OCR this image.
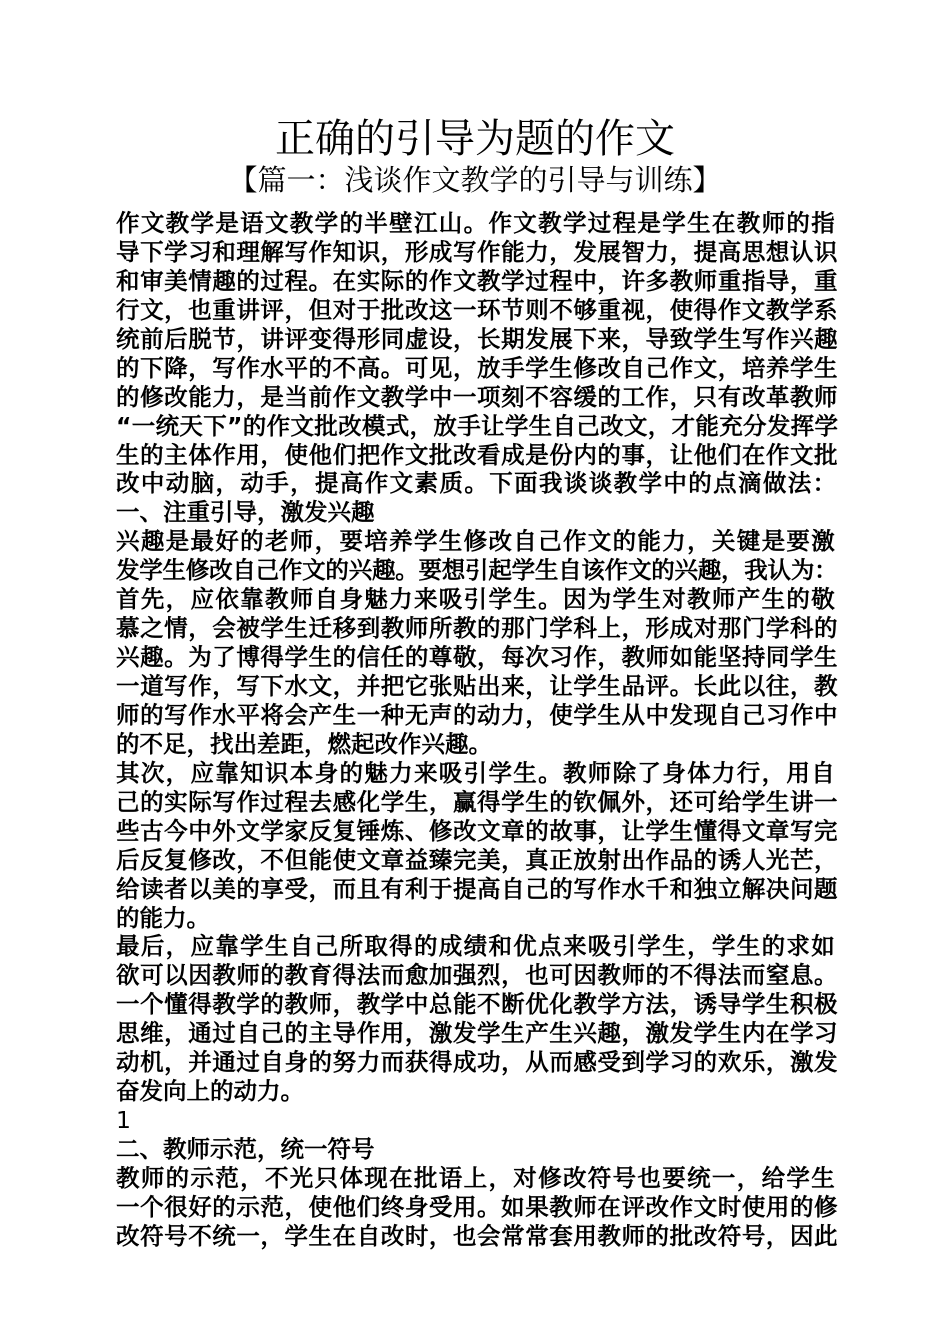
正确的引导为题的作文
【篇一：浅谈作文教学的引导与训练】
作文教学是语文教学的半壁江山。作文教学过程是学生在教师的指
导下学习和理解写作知识，形成写作能力，发展智力，提高思想认识
和审美情趣的过程。在实际的作文教学过程中，许多教师重指导，重
行文，也重讲评，但对于批改这一环节则不够重视，使得作文教学系
统前后脱节，讲评变得形同虚设，长期发展下来，导致学生写作兴趣
的下降，写作水平的不高。可见，放手学生修改自己作文，培养学生
的修改能力，是当前作文教学中一项刻不容缓的工作，只有改革教师
“一统天下”的作文批改模式，放手让学生自己改文，才能充分发挥学
生的主体作用，使他们把作文批改看成是份内的事，让他们在作文批
改中动脑，动手，提高作文素质。下面我谈谈教学中的点滴做法：
一、注重引导，激发兴趣
兴趣是最好的老师，要培养学生修改自己作文的能力，关键是要激
发学生修改自己作文的兴趣。要想引起学生自该作文的兴趣，我认为：
首先，应依靠教师自身魅力来吸引学生。因为学生对教师产生的敬
慕之情，会被学生迁移到教师所教的那门学科上，形成对那门学科的
兴趣。为了博得学生的信任的尊敬，每次习作，教师如能坚持同学生
一道写作，写下水文，并把它张贴出来，让学生品评。长此以往，教
师的写作水平将会产生一种无声的动力，使学生从中发现自己习作中
的不足，找出差距，燃起改作兴趣。
其次，应靠知识本身的魅力来吸引学生。教师除了身体力行，用自
己的实际写作过程去感化学生，赢得学生的钦佩外，还可给学生讲一
些古今中外文学家反复锤炼、修改文章的故事，让学生懂得文章写完
后反复修改，不但能使文章益臻完美，真正放射出作品的诱人光芒，
给读者以美的享受，而且有利于提高自己的写作水千和独立解决问题
的能力。
最后，应靠学生自己所取得的成绩和优点来吸引学生，学生的求如
欲可以因教师的教育得法而愈加强烈，也可因教师的不得法而窒息。
一个懂得教学的教师，教学中总能不断优化教学方法，诱导学生积极
思维，通过自己的主导作用，激发学生产生兴趣，激发学生内在学习
动机，并通过自身的努力而获得成功，从而感受到学习的欢乐，激发
奋发向上的动力。
1
二、教师示范，统一符号
教师的示范，不光只体现在批语上，对修改符号也要统一，给学生
一个很好的示范，使他们终身受用。如果教师在评改作文时使用的修
改符号不统一，学生在自改时，也会常常套用教师的批改符号，因此
